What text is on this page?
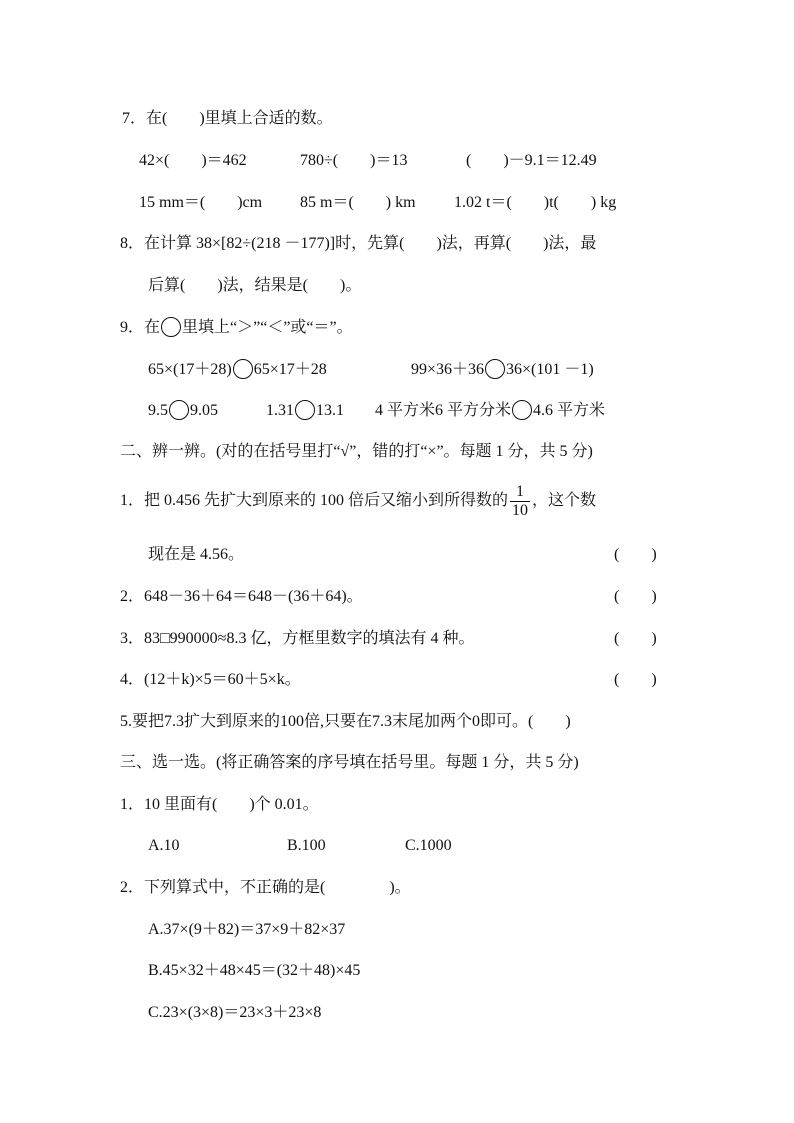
7．在(　　)里填上合适的数。
42×(　　)＝462	780÷(　　)＝13	(　　)－9.1＝12.49
15 mm＝(　　)cm 85 m＝(　　) km 1.02 t＝(　　)t(　　) kg
8．在计算 38×[82÷(218 －177)]时，先算(　　)法，再算(　　)法，最
后算(　　)法，结果是(　　)。
9．在 里填上“＞”“＜”或“＝”。
65×(17＋28) 65×17＋28	99×36＋36 36×(101 －1)
9.5 9.05	1.31 13.1 4 平方米6 平方分米 4.6 平方米
二、辨一辨。(对的在括号里打“√”，错的打“×”。每题 1 分，共 5 分)
1．把 0.456 先扩大到原来的 100 倍后又缩小到所得数的 $\frac{1}{10}$ ，这个数
现在是 4.56。	(　　)
2．648－36＋64＝648－(36＋64)。	(　　)
3．83□990000≈8.3 亿，方框里数字的填法有 4 种。	(　　)
4．(12＋k)×5＝60＋5×k。	(　　)
5.要把7.3扩大到原来的100倍,只要在7.3末尾加两个0即可。(　　)
三、选一选。(将正确答案的序号填在括号里。每题 1 分，共 5 分)
1．10 里面有(　　)个 0.01。
A.10	B.100	C.1000
2．下列算式中，不正确的是(　　　　)。
A.37×(9＋82)＝37×9＋82×37
B.45×32＋48×45＝(32＋48)×45
C.23×(3×8)＝23×3＋23×8
